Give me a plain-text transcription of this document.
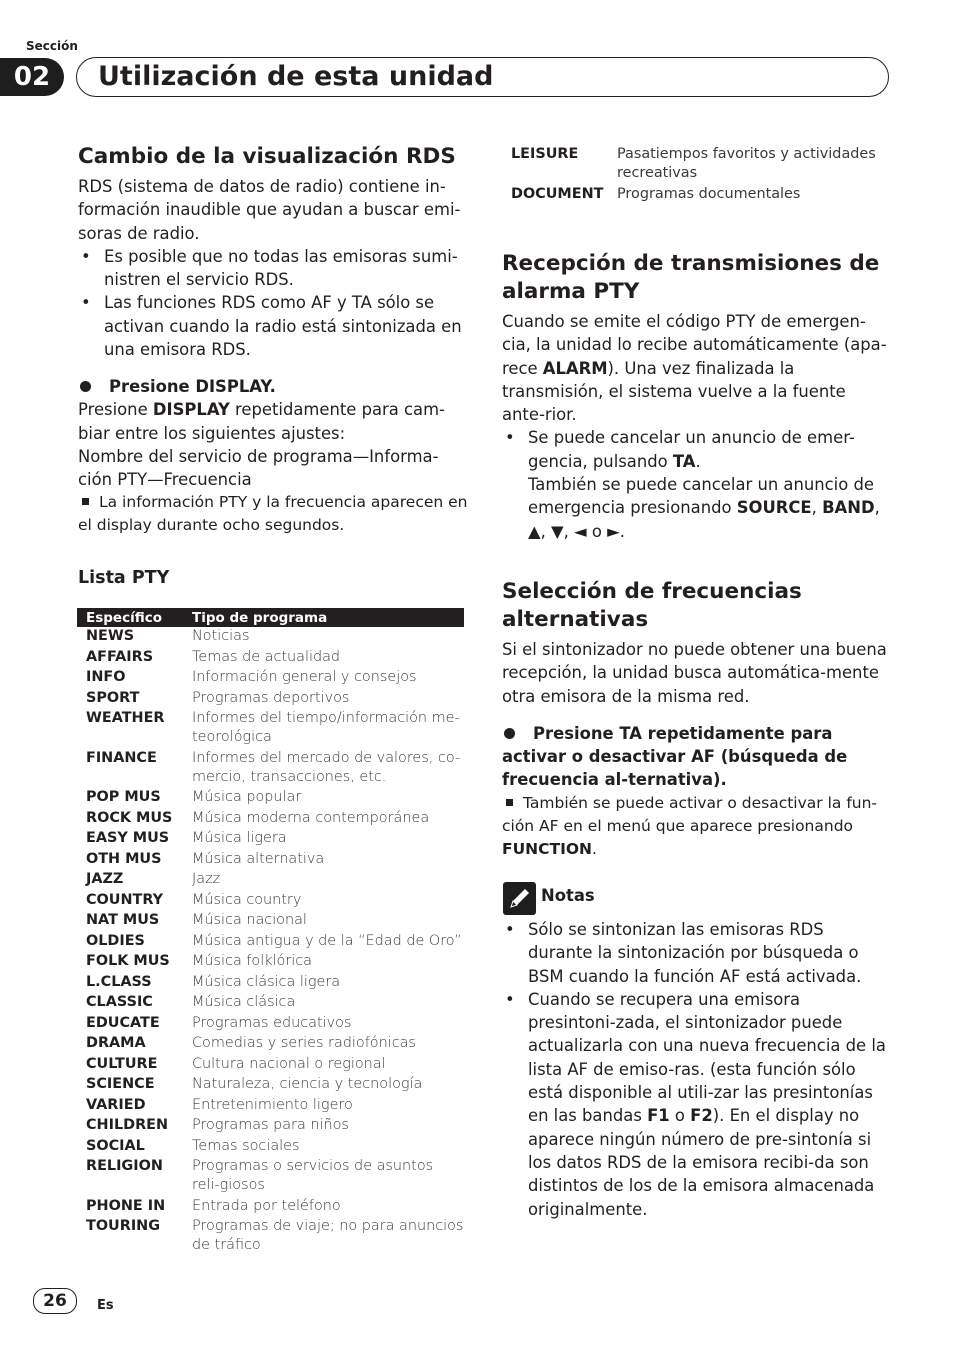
Sección
02	Utilización de esta unidad
Cambio de la visualización RDS
RDS (sistema de datos de radio) contiene in-formación inaudible que ayudan a buscar emi-soras de radio.
• Es posible que no todas las emisoras sumi-nistren el servicio RDS.
• Las funciones RDS como AF y TA sólo se activan cuando la radio está sintonizada en una emisora RDS.
Presione DISPLAY.
Presione DISPLAY repetidamente para cam-biar entre los siguientes ajustes:
Nombre del servicio de programa—Informa-ción PTY—Frecuencia
La información PTY y la frecuencia aparecen en el display durante ocho segundos.
Lista PTY
Específico	Tipo de programa
NEWS	Noticias
AFFAIRS	Temas de actualidad
INFO	Información general y consejos
SPORT	Programas deportivos
WEATHER	Informes del tiempo/información me-teorológica
FINANCE	Informes del mercado de valores, co-mercio, transacciones, etc.
POP MUS	Música popular
ROCK MUS	Música moderna contemporánea
EASY MUS	Música ligera
OTH MUS	Música alternativa
JAZZ	Jazz
COUNTRY	Música country
NAT MUS	Música nacional
OLDIES	Música antigua y de la “Edad de Oro”
FOLK MUS	Música folklórica
L.CLASS	Música clásica ligera
CLASSIC	Música clásica
EDUCATE	Programas educativos
DRAMA	Comedias y series radiofónicas
CULTURE	Cultura nacional o regional
SCIENCE	Naturaleza, ciencia y tecnología
VARIED	Entretenimiento ligero
CHILDREN	Programas para niños
SOCIAL	Temas sociales
RELIGION	Programas o servicios de asuntos reli-giosos
PHONE IN	Entrada por teléfono
TOURING	Programas de viaje; no para anuncios de tráfico
LEISURE	Pasatiempos favoritos y actividades recreativas
DOCUMENT	Programas documentales
Recepción de transmisiones de alarma PTY
Cuando se emite el código PTY de emergen-cia, la unidad lo recibe automáticamente (apa-rece ALARM). Una vez finalizada la transmisión, el sistema vuelve a la fuente ante-rior.
• Se puede cancelar un anuncio de emer-gencia, pulsando TA.
También se puede cancelar un anuncio de emergencia presionando SOURCE, BAND,
▲, ▼, ◄ o ►.
Selección de frecuencias alternativas
Si el sintonizador no puede obtener una buena recepción, la unidad busca automática-mente otra emisora de la misma red.
Presione TA repetidamente para activar o desactivar AF (búsqueda de frecuencia al-ternativa).
También se puede activar o desactivar la fun-ción AF en el menú que aparece presionando FUNCTION.
Notas
• Sólo se sintonizan las emisoras RDS durante la sintonización por búsqueda o BSM cuando la función AF está activada.
• Cuando se recupera una emisora presintoni-zada, el sintonizador puede actualizarla con una nueva frecuencia de la lista AF de emiso-ras. (esta función sólo está disponible al utili-zar las presintonías en las bandas F1 o F2). En el display no aparece ningún número de pre-sintonía si los datos RDS de la emisora recibi-da son distintos de los de la emisora almacenada originalmente.
26	Es
